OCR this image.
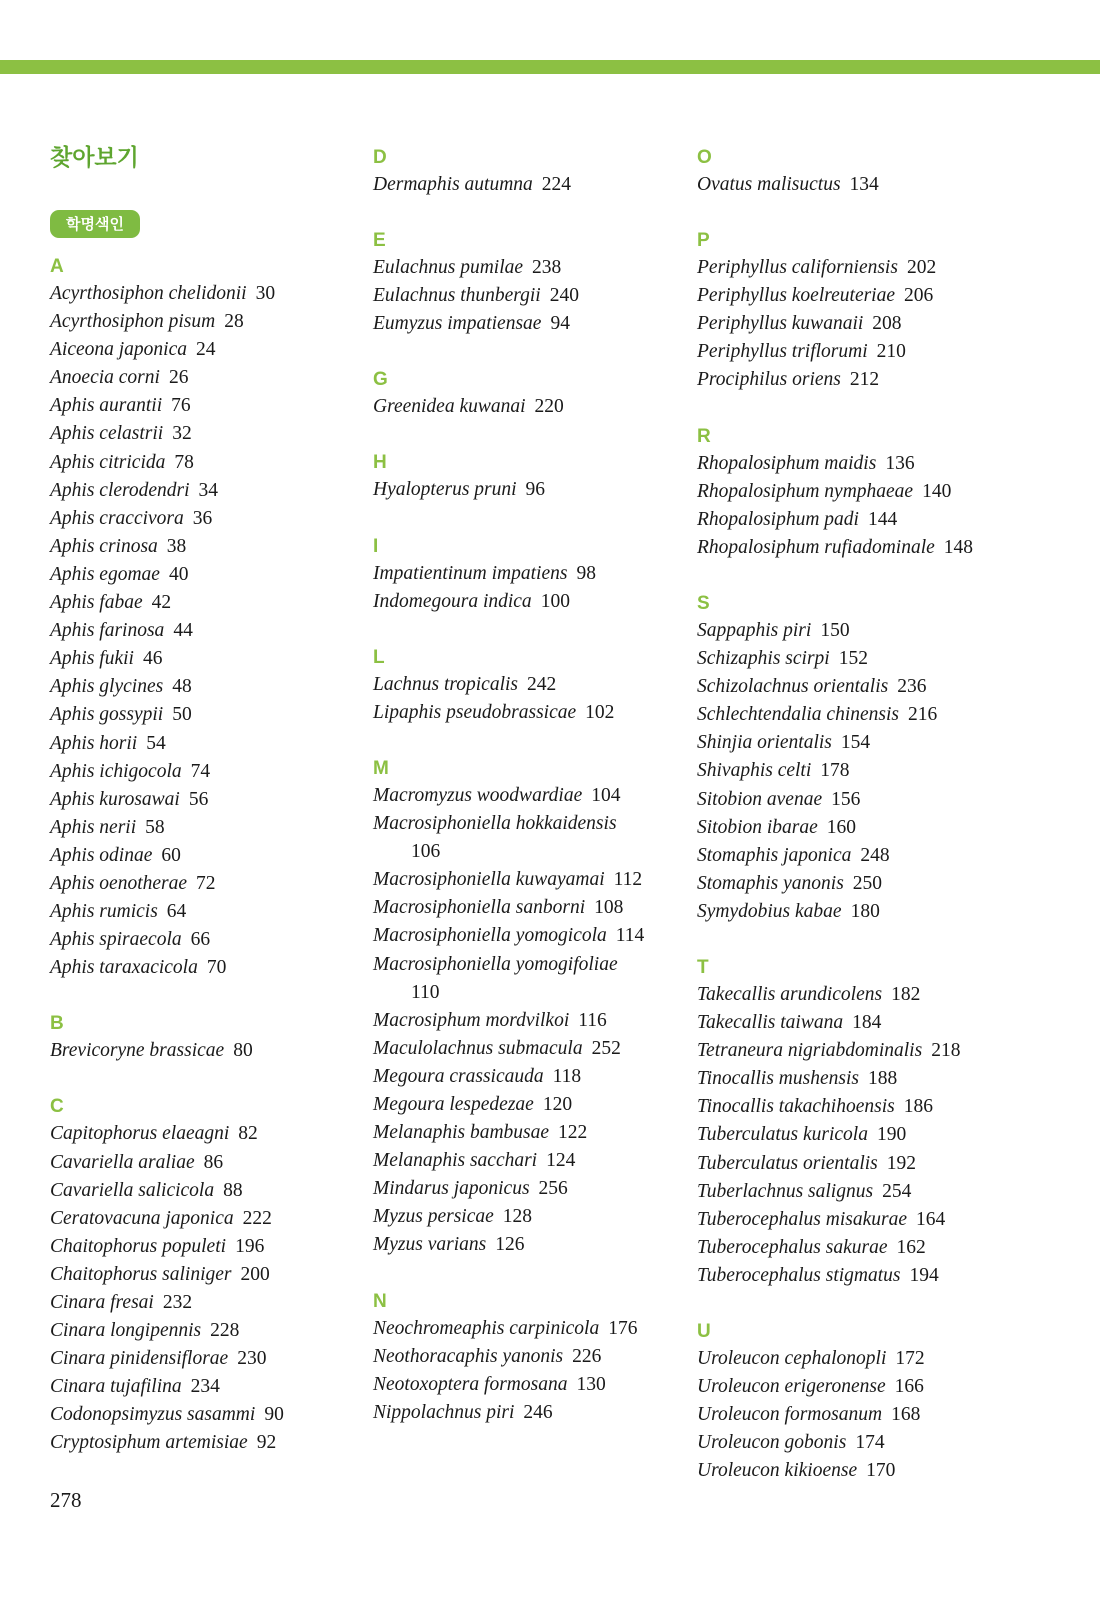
찾아보기
학명색인
A
Acyrthosiphon chelidonii 30
Acyrthosiphon pisum 28
Aiceona japonica 24
Anoecia corni 26
Aphis aurantii 76
Aphis celastrii 32
Aphis citricida 78
Aphis clerodendri 34
Aphis craccivora 36
Aphis crinosa 38
Aphis egomae 40
Aphis fabae 42
Aphis farinosa 44
Aphis fukii 46
Aphis glycines 48
Aphis gossypii 50
Aphis horii 54
Aphis ichigocola 74
Aphis kurosawai 56
Aphis nerii 58
Aphis odinae 60
Aphis oenotherae 72
Aphis rumicis 64
Aphis spiraecola 66
Aphis taraxacicola 70
B
Brevicoryne brassicae 80
C
Capitophorus elaeagni 82
Cavariella araliae 86
Cavariella salicicola 88
Ceratovacuna japonica 222
Chaitophorus populeti 196
Chaitophorus saliniger 200
Cinara fresai 232
Cinara longipennis 228
Cinara pinidensiflorae 230
Cinara tujafilina 234
Codonopsimyzus sasammi 90
Cryptosiphum artemisiae 92
D
Dermaphis autumna 224
E
Eulachnus pumilae 238
Eulachnus thunbergii 240
Eumyzus impatiensae 94
G
Greenidea kuwanai 220
H
Hyalopterus pruni 96
I
Impatientinum impatiens 98
Indomegoura indica 100
L
Lachnus tropicalis 242
Lipaphis pseudobrassicae 102
M
Macromyzus woodwardiae 104
Macrosiphoniella hokkaidensis
106
Macrosiphoniella kuwayamai 112
Macrosiphoniella sanborni 108
Macrosiphoniella yomogicola 114
Macrosiphoniella yomogifoliae
110
Macrosiphum mordvilkoi 116
Maculolachnus submacula 252
Megoura crassicauda 118
Megoura lespedezae 120
Melanaphis bambusae 122
Melanaphis sacchari 124
Mindarus japonicus 256
Myzus persicae 128
Myzus varians 126
N
Neochromeaphis carpinicola 176
Neothoracaphis yanonis 226
Neotoxoptera formosana 130
Nippolachnus piri 246
O
Ovatus malisuctus 134
P
Periphyllus californiensis 202
Periphyllus koelreuteriae 206
Periphyllus kuwanaii 208
Periphyllus triflorumi 210
Prociphilus oriens 212
R
Rhopalosiphum maidis 136
Rhopalosiphum nymphaeae 140
Rhopalosiphum padi 144
Rhopalosiphum rufiadominale 148
S
Sappaphis piri 150
Schizaphis scirpi 152
Schizolachnus orientalis 236
Schlechtendalia chinensis 216
Shinjia orientalis 154
Shivaphis celti 178
Sitobion avenae 156
Sitobion ibarae 160
Stomaphis japonica 248
Stomaphis yanonis 250
Symydobius kabae 180
T
Takecallis arundicolens 182
Takecallis taiwana 184
Tetraneura nigriabdominalis 218
Tinocallis mushensis 188
Tinocallis takachihoensis 186
Tuberculatus kuricola 190
Tuberculatus orientalis 192
Tuberlachnus salignus 254
Tuberocephalus misakurae 164
Tuberocephalus sakurae 162
Tuberocephalus stigmatus 194
U
Uroleucon cephalonopli 172
Uroleucon erigeronense 166
Uroleucon formosanum 168
Uroleucon gobonis 174
Uroleucon kikioense 170
278
